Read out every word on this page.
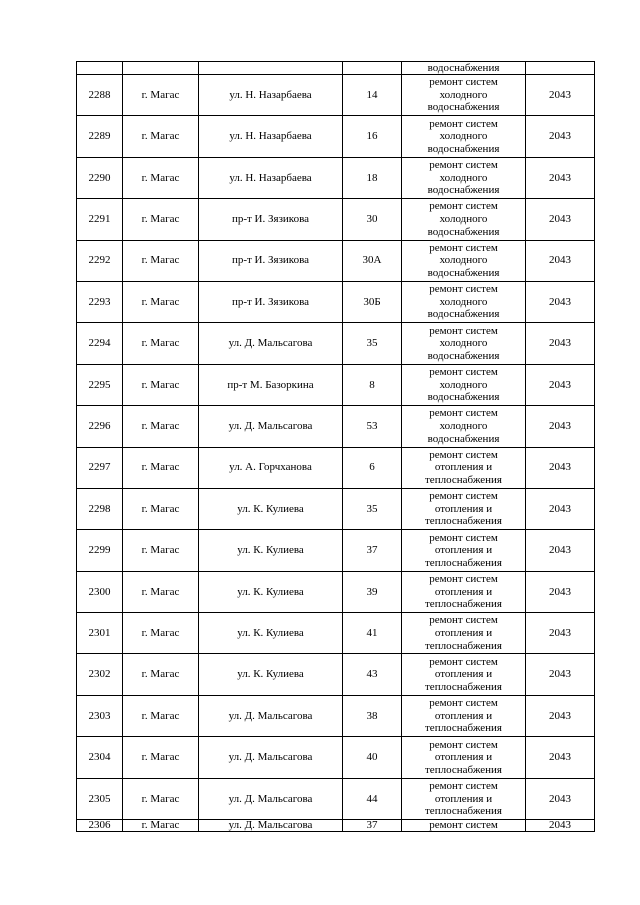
				водоснабжения	
2288	г. Магас	ул. Н. Назарбаева	14	ремонт систем
холодного
водоснабжения	2043
2289	г. Магас	ул. Н. Назарбаева	16	ремонт систем
холодного
водоснабжения	2043
2290	г. Магас	ул. Н. Назарбаева	18	ремонт систем
холодного
водоснабжения	2043
2291	г. Магас	пр-т И. Зязикова	30	ремонт систем
холодного
водоснабжения	2043
2292	г. Магас	пр-т И. Зязикова	30А	ремонт систем
холодного
водоснабжения	2043
2293	г. Магас	пр-т И. Зязикова	30Б	ремонт систем
холодного
водоснабжения	2043
2294	г. Магас	ул. Д. Мальсагова	35	ремонт систем
холодного
водоснабжения	2043
2295	г. Магас	пр-т М. Базоркина	8	ремонт систем
холодного
водоснабжения	2043
2296	г. Магас	ул. Д. Мальсагова	53	ремонт систем
холодного
водоснабжения	2043
2297	г. Магас	ул. А. Горчханова	6	ремонт систем
отопления и
теплоснабжения	2043
2298	г. Магас	ул. К. Кулиева	35	ремонт систем
отопления и
теплоснабжения	2043
2299	г. Магас	ул. К. Кулиева	37	ремонт систем
отопления и
теплоснабжения	2043
2300	г. Магас	ул. К. Кулиева	39	ремонт систем
отопления и
теплоснабжения	2043
2301	г. Магас	ул. К. Кулиева	41	ремонт систем
отопления и
теплоснабжения	2043
2302	г. Магас	ул. К. Кулиева	43	ремонт систем
отопления и
теплоснабжения	2043
2303	г. Магас	ул. Д. Мальсагова	38	ремонт систем
отопления и
теплоснабжения	2043
2304	г. Магас	ул. Д. Мальсагова	40	ремонт систем
отопления и
теплоснабжения	2043
2305	г. Магас	ул. Д. Мальсагова	44	ремонт систем
отопления и
теплоснабжения	2043
2306	г. Магас	ул. Д. Мальсагова	37	ремонт систем	2043
